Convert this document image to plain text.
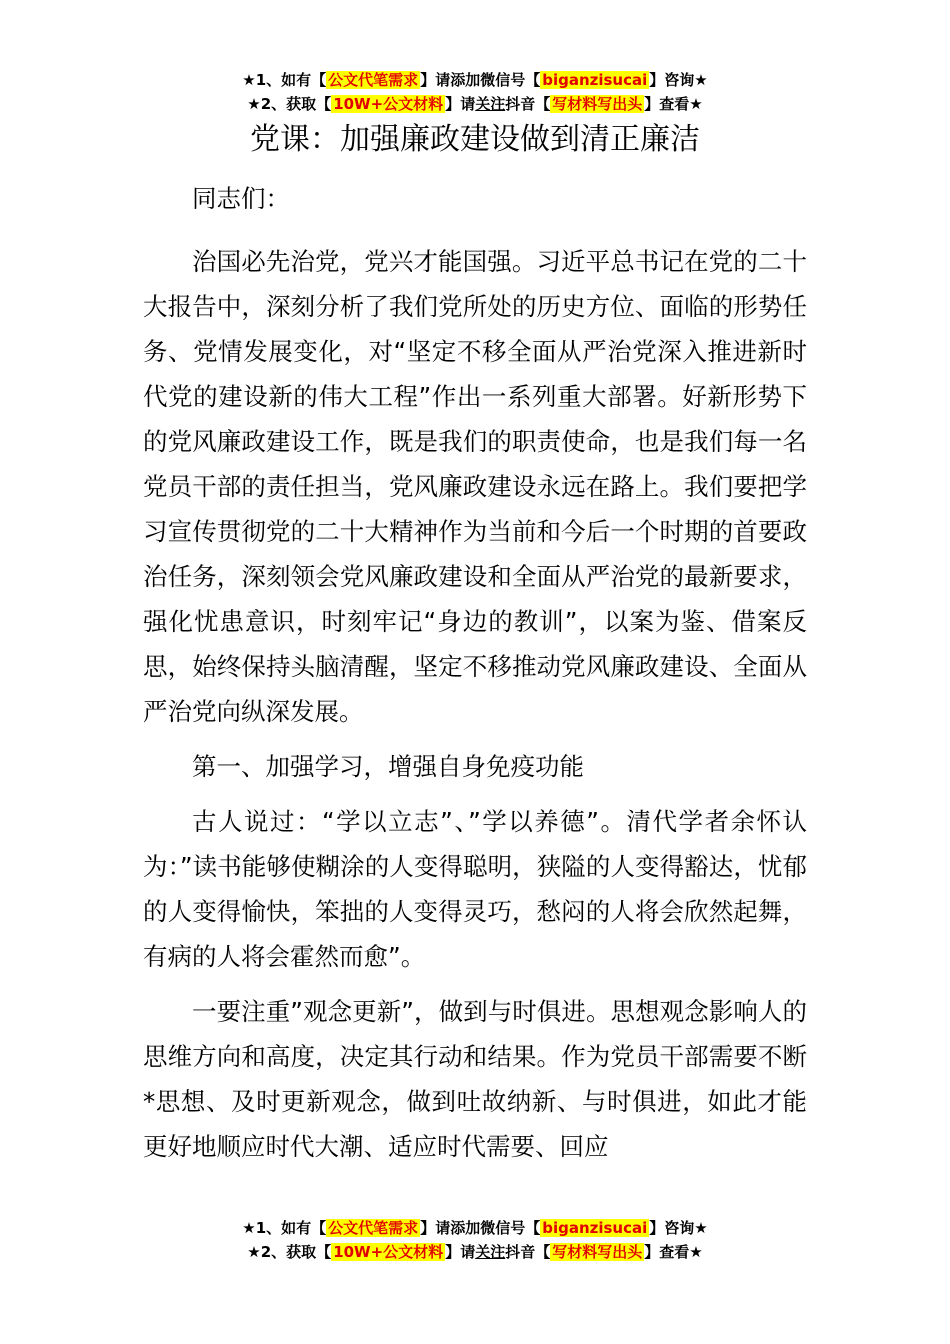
★1、如有【 公文代笔需求 】请添加微信号【 biganzisucai 】咨询★
★2、获取【 10W+公文材料 】请关注抖音【 写材料写出头 】查看★
党课：加强廉政建设做到清正廉洁

同志们：

治国必先治党，党兴才能国强。习近平总书记在党的二十大报告中，深刻分析了我们党所处的历史方位、面临的形势任务、党情发展变化，对“坚定不移全面从严治党深入推进新时代党的建设新的伟大工程”作出一系列重大部署。好新形势下的党风廉政建设工作，既是我们的职责使命，也是我们每一名党员干部的责任担当，党风廉政建设永远在路上。我们要把学习宣传贯彻党的二十大精神作为当前和今后一个时期的首要政治任务，深刻领会党风廉政建设和全面从严治党的最新要求，强化忧患意识，时刻牢记“身边的教训”，以案为鉴、借案反思，始终保持头脑清醒，坚定不移推动党风廉政建设、全面从严治党向纵深发展。

第一、加强学习，增强自身免疫功能

古人说过：“学以立志”、”学以养德”。清代学者余怀认为：”读书能够使糊涂的人变得聪明，狭隘的人变得豁达，忧郁的人变得愉快，笨拙的人变得灵巧，愁闷的人将会欣然起舞，有病的人将会霍然而愈”。

一要注重”观念更新”，做到与时俱进。思想观念影响人的思维方向和高度，决定其行动和结果。作为党员干部需要不断*思想、及时更新观念，做到吐故纳新、与时俱进，如此才能更好地顺应时代大潮、适应时代需要、回应

★1、如有【 公文代笔需求 】请添加微信号【 biganzisucai 】咨询★
★2、获取【 10W+公文材料 】请关注抖音【 写材料写出头 】查看★
